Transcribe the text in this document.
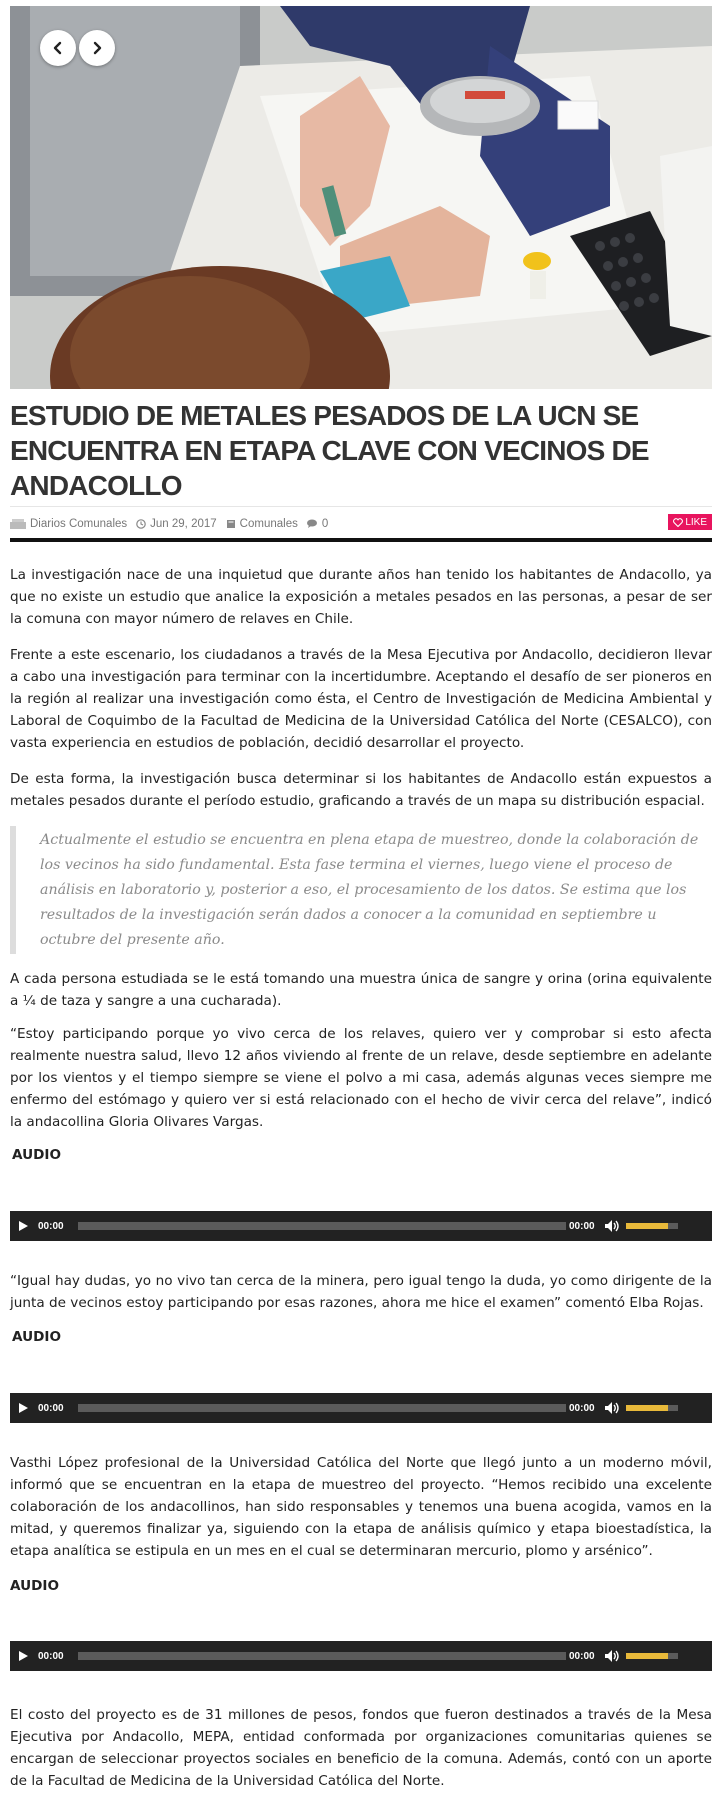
ESTUDIO DE METALES PESADOS DE LA UCN SE ENCUENTRA EN ETAPA CLAVE CON VECINOS DE ANDACOLLO
Diarios Comunales Jun 29, 2017 Comunales 0	LIKE

La investigación nace de una inquietud que durante años han tenido los habitantes de Andacollo, ya que no existe un estudio que analice la exposición a metales pesados en las personas, a pesar de ser la comuna con mayor número de relaves en Chile.

Frente a este escenario, los ciudadanos a través de la Mesa Ejecutiva por Andacollo, decidieron llevar a cabo una investigación para terminar con la incertidumbre. Aceptando el desafío de ser pioneros en la región al realizar una investigación como ésta, el Centro de Investigación de Medicina Ambiental y Laboral de Coquimbo de la Facultad de Medicina de la Universidad Católica del Norte (CESALCO), con vasta experiencia en estudios de población, decidió desarrollar el proyecto.

De esta forma, la investigación busca determinar si los habitantes de Andacollo están expuestos a metales pesados durante el período estudio, graficando a través de un mapa su distribución espacial.

Actualmente el estudio se encuentra en plena etapa de muestreo, donde la colaboración de los vecinos ha sido fundamental. Esta fase termina el viernes, luego viene el proceso de análisis en laboratorio y, posterior a eso, el procesamiento de los datos. Se estima que los resultados de la investigación serán dados a conocer a la comunidad en septiembre u octubre del presente año.

A cada persona estudiada se le está tomando una muestra única de sangre y orina (orina equivalente a ¼ de taza y sangre a una cucharada).

“Estoy participando porque yo vivo cerca de los relaves, quiero ver y comprobar si esto afecta realmente nuestra salud, llevo 12 años viviendo al frente de un relave, desde septiembre en adelante por los vientos y el tiempo siempre se viene el polvo a mi casa, además algunas veces siempre me enfermo del estómago y quiero ver si está relacionado con el hecho de vivir cerca del relave”, indicó la andacollina Gloria Olivares Vargas.

AUDIO
00:00	00:00

“Igual hay dudas, yo no vivo tan cerca de la minera, pero igual tengo la duda, yo como dirigente de la junta de vecinos estoy participando por esas razones, ahora me hice el examen” comentó Elba Rojas.

AUDIO
00:00	00:00

Vasthi López profesional de la Universidad Católica del Norte que llegó junto a un moderno móvil, informó que se encuentran en la etapa de muestreo del proyecto. “Hemos recibido una excelente colaboración de los andacollinos, han sido responsables y tenemos una buena acogida, vamos en la mitad, y queremos finalizar ya, siguiendo con la etapa de análisis químico y etapa bioestadística, la etapa analítica se estipula en un mes en el cual se determinaran mercurio, plomo y arsénico”.

AUDIO
00:00	00:00

El costo del proyecto es de 31 millones de pesos, fondos que fueron destinados a través de la Mesa Ejecutiva por Andacollo, MEPA, entidad conformada por organizaciones comunitarias quienes se encargan de seleccionar proyectos sociales en beneficio de la comuna. Además, contó con un aporte de la Facultad de Medicina de la Universidad Católica del Norte.
